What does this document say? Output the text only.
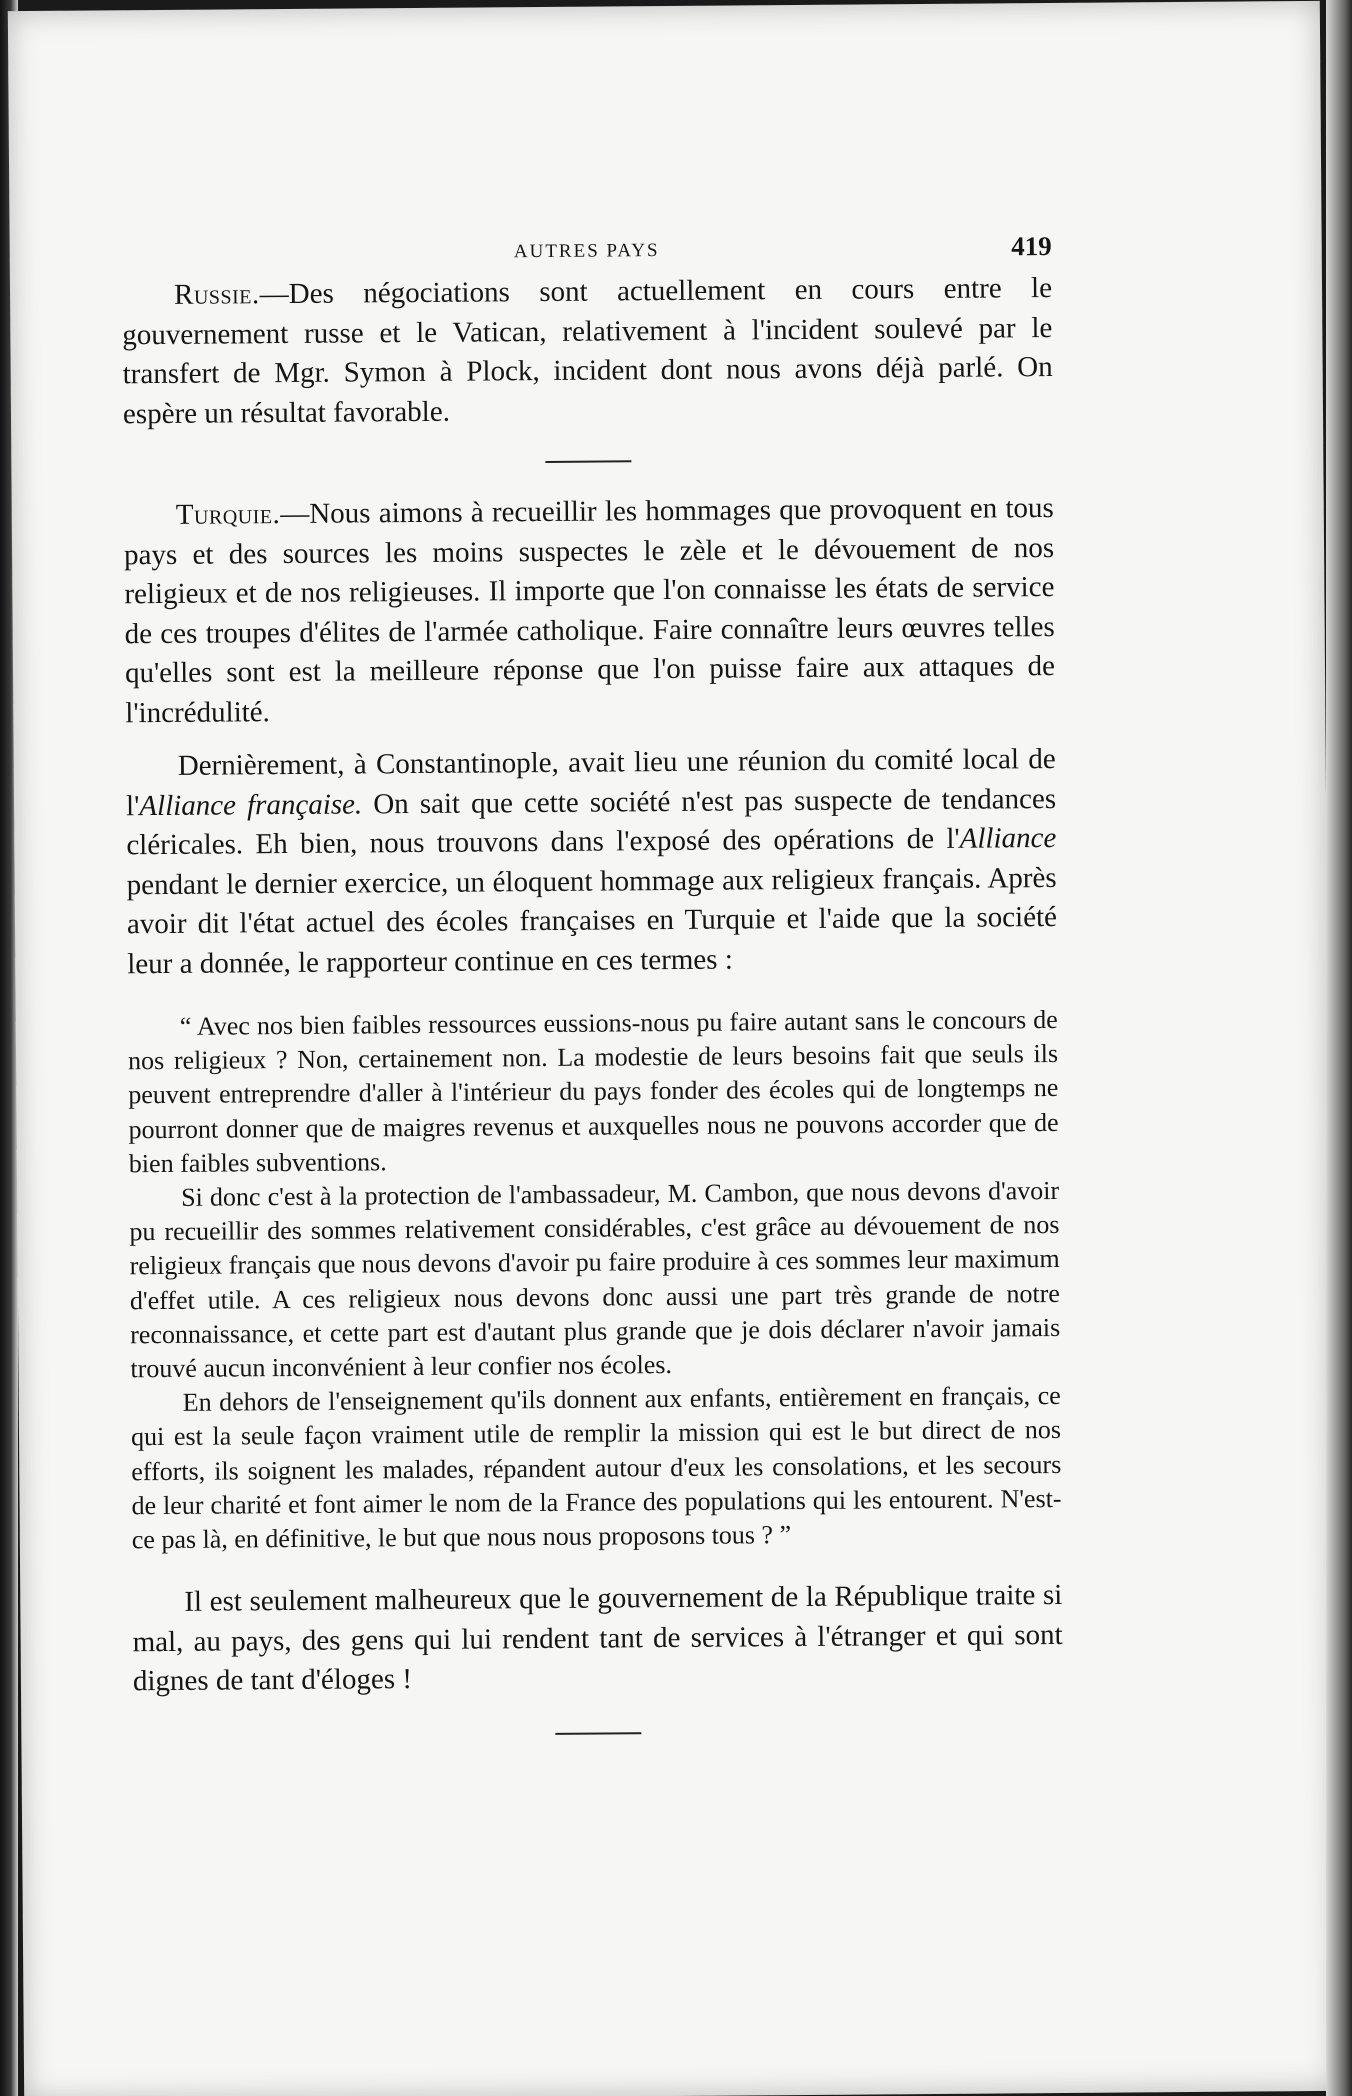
AUTRES PAYS	419

Russie.—Des négociations sont actuellement en cours entre le gouvernement russe et le Vatican, relativement à l'incident soulevé par le transfert de Mgr. Symon à Plock, incident dont nous avons déjà parlé. On espère un résultat favorable.

Turquie.—Nous aimons à recueillir les hommages que provoquent en tous pays et des sources les moins suspectes le zèle et le dévouement de nos religieux et de nos religieuses. Il importe que l'on connaisse les états de service de ces troupes d'élites de l'armée catholique. Faire connaître leurs œuvres telles qu'elles sont est la meilleure réponse que l'on puisse faire aux attaques de l'incrédulité.

Dernièrement, à Constantinople, avait lieu une réunion du comité local de l'Alliance française. On sait que cette société n'est pas suspecte de tendances cléricales. Eh bien, nous trouvons dans l'exposé des opérations de l'Alliance pendant le dernier exercice, un éloquent hommage aux religieux français. Après avoir dit l'état actuel des écoles françaises en Turquie et l'aide que la société leur a donnée, le rapporteur continue en ces termes :

“ Avec nos bien faibles ressources eussions-nous pu faire autant sans le concours de nos religieux ? Non, certainement non. La modestie de leurs besoins fait que seuls ils peuvent entreprendre d'aller à l'intérieur du pays fonder des écoles qui de longtemps ne pourront donner que de maigres revenus et auxquelles nous ne pouvons accorder que de bien faibles subventions.

Si donc c'est à la protection de l'ambassadeur, M. Cambon, que nous devons d'avoir pu recueillir des sommes relativement considérables, c'est grâce au dévouement de nos religieux français que nous devons d'avoir pu faire produire à ces sommes leur maximum d'effet utile. A ces religieux nous devons donc aussi une part très grande de notre reconnaissance, et cette part est d'autant plus grande que je dois déclarer n'avoir jamais trouvé aucun inconvénient à leur confier nos écoles.

En dehors de l'enseignement qu'ils donnent aux enfants, entièrement en français, ce qui est la seule façon vraiment utile de remplir la mission qui est le but direct de nos efforts, ils soignent les malades, répandent autour d'eux les consolations, et les secours de leur charité et font aimer le nom de la France des populations qui les entourent. N'est-ce pas là, en définitive, le but que nous nous proposons tous ? ”

Il est seulement malheureux que le gouvernement de la République traite si mal, au pays, des gens qui lui rendent tant de services à l'étranger et qui sont dignes de tant d'éloges !
